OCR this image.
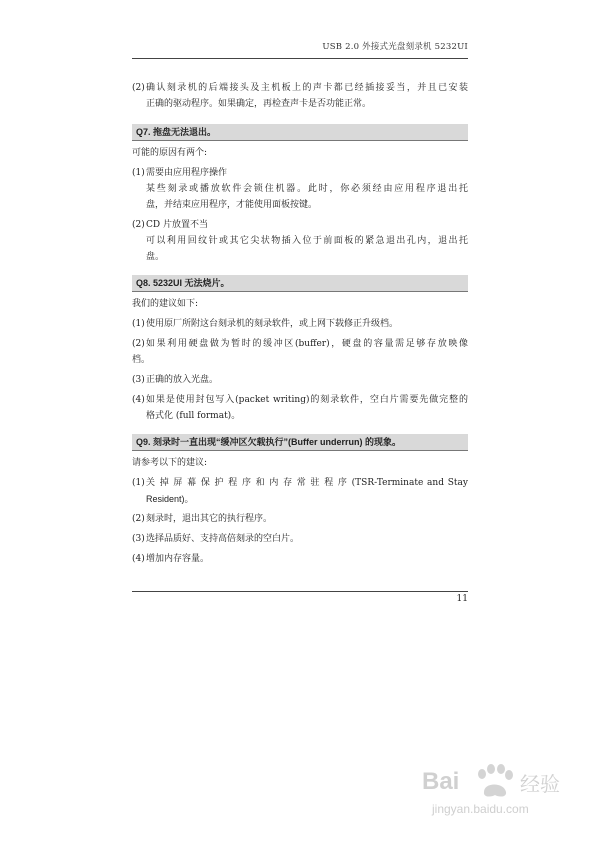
USB 2.0 外接式光盘刻录机 5232UI
(2) 确认刻录机的后端接头及主机板上的声卡都已经插接妥当，并且已安装

正确的驱动程序。如果确定，再检查声卡是否功能正常。

Q7. 拖盘无法退出。

可能的原因有两个:

(1) 需要由应用程序操作

某些刻录或播放软件会锁住机器。此时，你必须经由应用程序退出托

盘，并结束应用程序，才能使用面板按键。

(2) CD 片放置不当

可以利用回纹针或其它尖状物插入位于前面板的紧急退出孔内，退出托

盘。

Q8. 5232UI 无法烧片。

我们的建议如下:

(1) 使用原厂所附这台刻录机的刻录软件，或上网下载修正升级档。

(2) 如果利用硬盘做为暂时的缓冲区(buffer)，硬盘的容量需足够存放映像

档。

(3) 正确的放入光盘。

(4) 如果是使用封包写入(packet writing)的刻录软件，空白片需要先做完整的

格式化 (full format)。

Q9. 刻录时一直出现“缓冲区欠载执行”(Buffer underrun) 的现象。

请参考以下的建议:

(1) 关 掉 屏 幕 保 护 程 序 和 内 存 常 驻 程 序 (TSR-Terminate and Stay

Resident)。

(2) 刻录时，退出其它的执行程序。

(3) 选择品质好、支持高倍刻录的空白片。

(4) 增加内存容量。

11
Bai	经验
jingyan.baidu.com
